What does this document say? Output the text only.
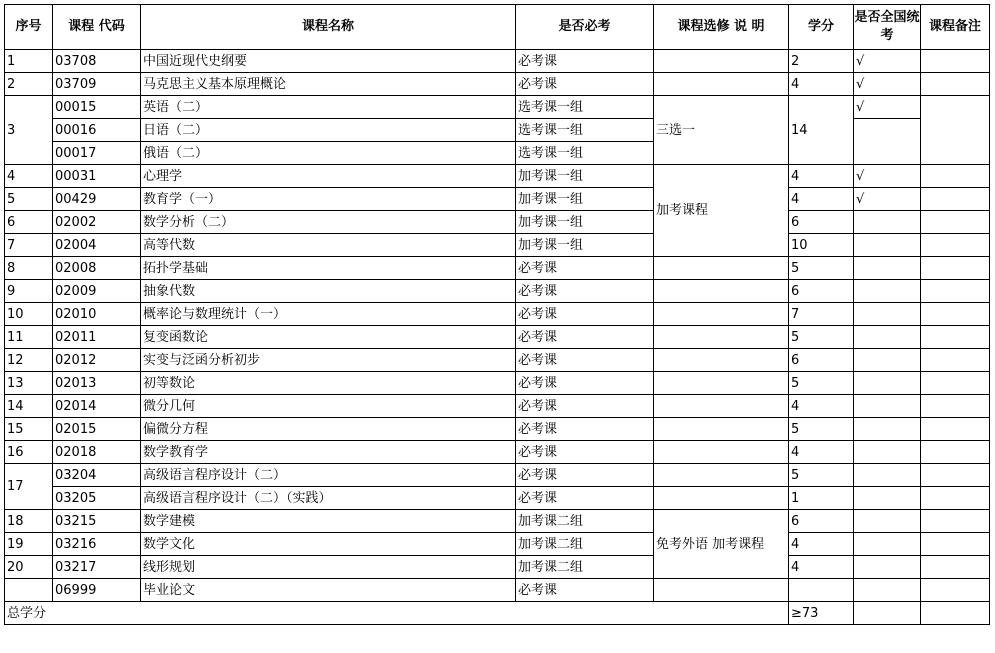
序号	课程 代码	课程名称	是否必考	课程选修 说 明	学分	是否全国统考	课程备注
1	03708	中国近现代史纲要	必考课		2	√	
2	03709	马克思主义基本原理概论	必考课		4	√	
3	00015	英语（二）	选考课一组	三选一	14	√	
	00016	日语（二）	选考课一组				
	00017	俄语（二）	选考课一组				
4	00031	心理学	加考课一组	加考课程	4	√	
5	00429	教育学（一）	加考课一组		4	√	
6	02002	数学分析（二）	加考课一组		6		
7	02004	高等代数	加考课一组		10		
8	02008	拓扑学基础	必考课		5		
9	02009	抽象代数	必考课		6		
10	02010	概率论与数理统计（一）	必考课		7		
11	02011	复变函数论	必考课		5		
12	02012	实变与泛函分析初步	必考课		6		
13	02013	初等数论	必考课		5		
14	02014	微分几何	必考课		4		
15	02015	偏微分方程	必考课		5		
16	02018	数学教育学	必考课		4		
17	03204	高级语言程序设计（二）	必考课		5		
	03205	高级语言程序设计（二）（实践）	必考课		1		
18	03215	数学建模	加考课二组	免考外语 加考课程	6		
19	03216	数学文化	加考课二组		4		
20	03217	线形规划	加考课二组		4		
	06999	毕业论文	必考课				
总学分					≥73		
